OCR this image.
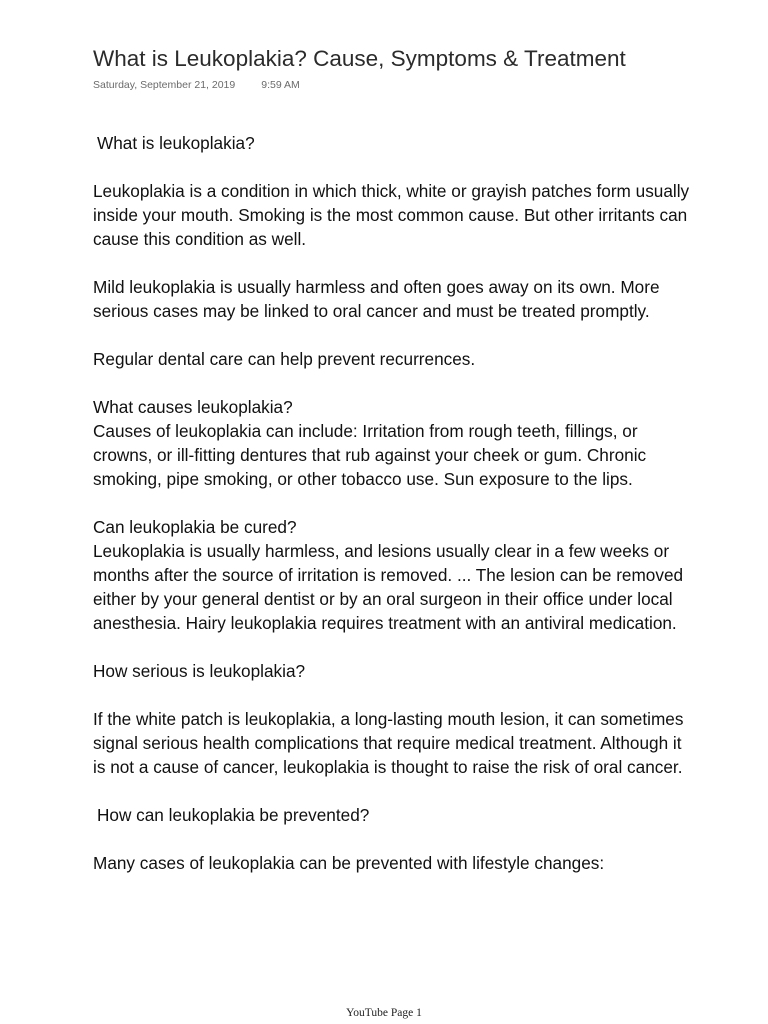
What is Leukoplakia? Cause, Symptoms & Treatment
Saturday, September 21, 2019 9:59 AM

What is leukoplakia?

Leukoplakia is a condition in which thick, white or grayish patches form usually inside your mouth. Smoking is the most common cause. But other irritants can cause this condition as well.

Mild leukoplakia is usually harmless and often goes away on its own. More serious cases may be linked to oral cancer and must be treated promptly.

Regular dental care can help prevent recurrences.

What causes leukoplakia?

Causes of leukoplakia can include: Irritation from rough teeth, fillings, or crowns, or ill-fitting dentures that rub against your cheek or gum. Chronic smoking, pipe smoking, or other tobacco use. Sun exposure to the lips.

Can leukoplakia be cured?

Leukoplakia is usually harmless, and lesions usually clear in a few weeks or months after the source of irritation is removed. ... The lesion can be removed either by your general dentist or by an oral surgeon in their office under local anesthesia. Hairy leukoplakia requires treatment with an antiviral medication.

How serious is leukoplakia?

If the white patch is leukoplakia, a long-lasting mouth lesion, it can sometimes signal serious health complications that require medical treatment. Although it is not a cause of cancer, leukoplakia is thought to raise the risk of oral cancer.

How can leukoplakia be prevented?

Many cases of leukoplakia can be prevented with lifestyle changes:

YouTube Page 1
